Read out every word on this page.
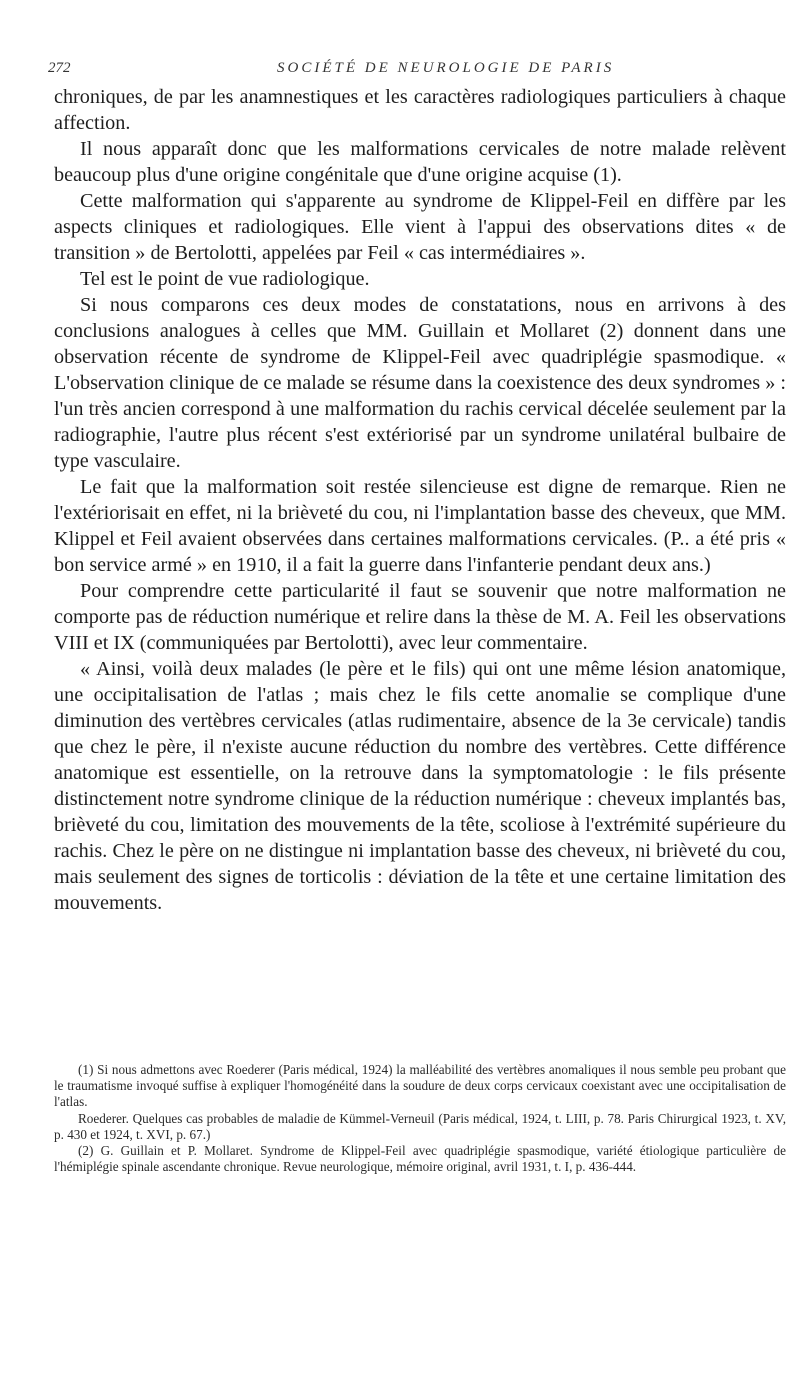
272	SOCIÉTÉ DE NEUROLOGIE DE PARIS

chroniques, de par les anamnestiques et les caractères radiologiques particuliers à chaque affection.

Il nous apparaît donc que les malformations cervicales de notre malade relèvent beaucoup plus d'une origine congénitale que d'une origine acquise (1).

Cette malformation qui s'apparente au syndrome de Klippel-Feil en diffère par les aspects cliniques et radiologiques. Elle vient à l'appui des observations dites « de transition » de Bertolotti, appelées par Feil « cas intermédiaires ».

Tel est le point de vue radiologique.

Si nous comparons ces deux modes de constatations, nous en arrivons à des conclusions analogues à celles que MM. Guillain et Mollaret (2) donnent dans une observation récente de syndrome de Klippel-Feil avec quadriplégie spasmodique. « L'observation clinique de ce malade se résume dans la coexistence des deux syndromes » : l'un très ancien correspond à une malformation du rachis cervical décelée seulement par la radiographie, l'autre plus récent s'est extériorisé par un syndrome unilatéral bulbaire de type vasculaire.

Le fait que la malformation soit restée silencieuse est digne de remarque. Rien ne l'extériorisait en effet, ni la brièveté du cou, ni l'implantation basse des cheveux, que MM. Klippel et Feil avaient observées dans certaines malformations cervicales. (P.. a été pris « bon service armé » en 1910, il a fait la guerre dans l'infanterie pendant deux ans.)

Pour comprendre cette particularité il faut se souvenir que notre malformation ne comporte pas de réduction numérique et relire dans la thèse de M. A. Feil les observations VIII et IX (communiquées par Bertolotti), avec leur commentaire.

« Ainsi, voilà deux malades (le père et le fils) qui ont une même lésion anatomique, une occipitalisation de l'atlas ; mais chez le fils cette anomalie se complique d'une diminution des vertèbres cervicales (atlas rudimentaire, absence de la 3e cervicale) tandis que chez le père, il n'existe aucune réduction du nombre des vertèbres. Cette différence anatomique est essentielle, on la retrouve dans la symptomatologie : le fils présente distinctement notre syndrome clinique de la réduction numérique : cheveux implantés bas, brièveté du cou, limitation des mouvements de la tête, scoliose à l'extrémité supérieure du rachis. Chez le père on ne distingue ni implantation basse des cheveux, ni brièveté du cou, mais seulement des signes de torticolis : déviation de la tête et une certaine limitation des mouvements.

(1) Si nous admettons avec Roederer (Paris médical, 1924) la malléabilité des vertèbres anomaliques il nous semble peu probant que le traumatisme invoqué suffise à expliquer l'homogénéité dans la soudure de deux corps cervicaux coexistant avec une occipitalisation de l'atlas.

Roederer. Quelques cas probables de maladie de Kümmel-Verneuil (Paris médical, 1924, t. LIII, p. 78. Paris Chirurgical 1923, t. XV, p. 430 et 1924, t. XVI, p. 67.)

(2) G. Guillain et P. Mollaret. Syndrome de Klippel-Feil avec quadriplégie spasmodique, variété étiologique particulière de l'hémiplégie spinale ascendante chronique. Revue neurologique, mémoire original, avril 1931, t. I, p. 436-444.
